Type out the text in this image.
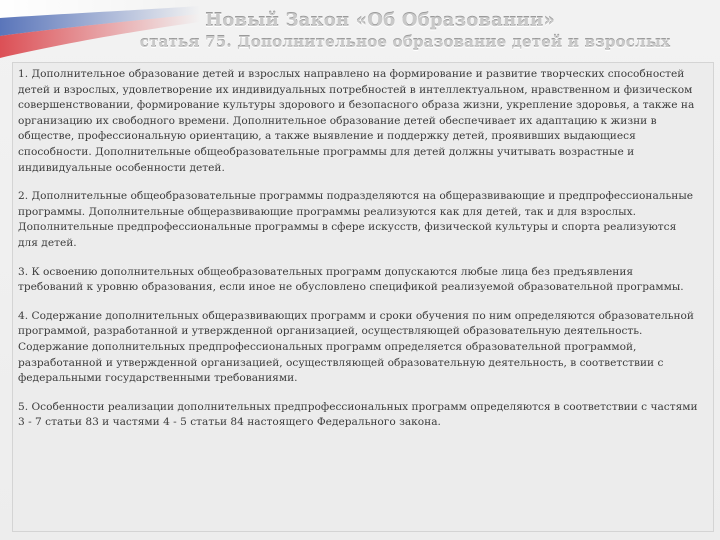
Новый Закон «Об Образовании»
статья 75. Дополнительное образование детей и взрослых

1. Дополнительное образование детей и взрослых направлено на формирование и развитие творческих способностей детей и взрослых, удовлетворение их индивидуальных потребностей в интеллектуальном, нравственном и физическом совершенствовании, формирование культуры здорового и безопасного образа жизни, укрепление здоровья, а также на организацию их свободного времени. Дополнительное образование детей обеспечивает их адаптацию к жизни в обществе, профессиональную ориентацию, а также выявление и поддержку детей, проявивших выдающиеся способности. Дополнительные общеобразовательные программы для детей должны учитывать возрастные и индивидуальные особенности детей.

2. Дополнительные общеобразовательные программы подразделяются на общеразвивающие и предпрофессиональные программы. Дополнительные общеразвивающие программы реализуются как для детей, так и для взрослых. Дополнительные предпрофессиональные программы в сфере искусств, физической культуры и спорта реализуются для детей.

3. К освоению дополнительных общеобразовательных программ допускаются любые лица без предъявления требований к уровню образования, если иное не обусловлено спецификой реализуемой образовательной программы.

4. Содержание дополнительных общеразвивающих программ и сроки обучения по ним определяются образовательной программой, разработанной и утвержденной организацией, осуществляющей образовательную деятельность. Содержание дополнительных предпрофессиональных программ определяется образовательной программой, разработанной и утвержденной организацией, осуществляющей образовательную деятельность, в соответствии с федеральными государственными требованиями.

5. Особенности реализации дополнительных предпрофессиональных программ определяются в соответствии с частями 3 - 7 статьи 83 и частями 4 - 5 статьи 84 настоящего Федерального закона.
